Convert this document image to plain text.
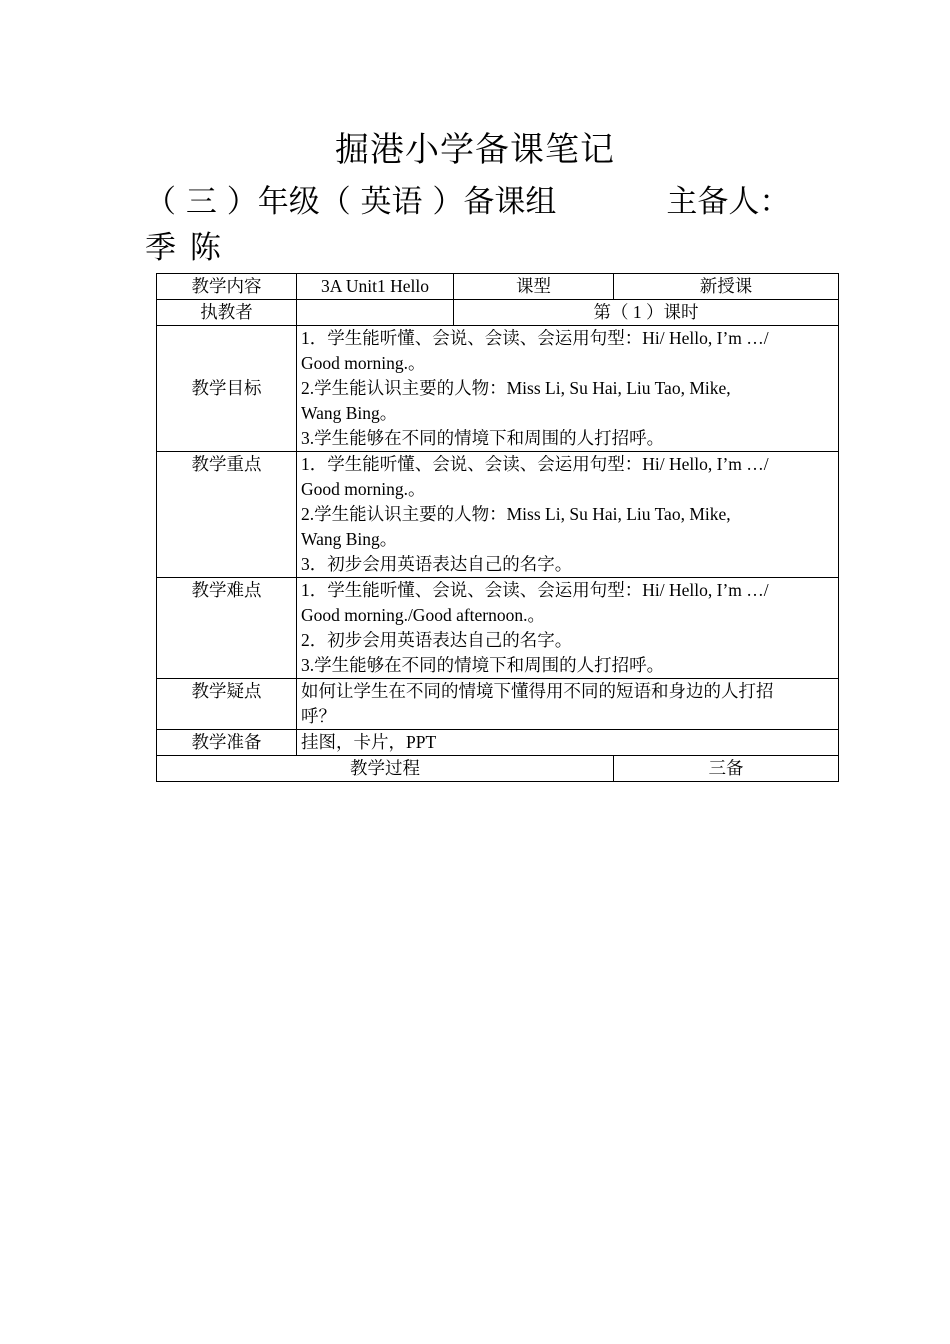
掘港小学备课笔记
（ 三 ）年级（ 英语 ）备课组	主备人：
季 陈
教学内容	3A Unit1 Hello	课型	新授课
执教者		第（ 1 ）课时	
教学目标	1．学生能听懂、会说、会读、会运用句型：Hi/ Hello, I’m …/
Good morning.。
2.学生能认识主要的人物：Miss Li, Su Hai, Liu Tao, Mike,
Wang Bing。
3.学生能够在不同的情境下和周围的人打招呼。		

教学重点	1．学生能听懂、会说、会读、会运用句型：Hi/ Hello, I’m …/
Good morning.。
2.学生能认识主要的人物：Miss Li, Su Hai, Liu Tao, Mike,
Wang Bing。
3．初步会用英语表达自己的名字。		

教学难点	1．学生能听懂、会说、会读、会运用句型：Hi/ Hello, I’m …/
Good morning./Good afternoon.。
2．初步会用英语表达自己的名字。
3.学生能够在不同的情境下和周围的人打招呼。		

教学疑点	如何让学生在不同的情境下懂得用不同的短语和身边的人打招
呼？		

教学准备	挂图，卡片，PPT		
教学过程			三备
